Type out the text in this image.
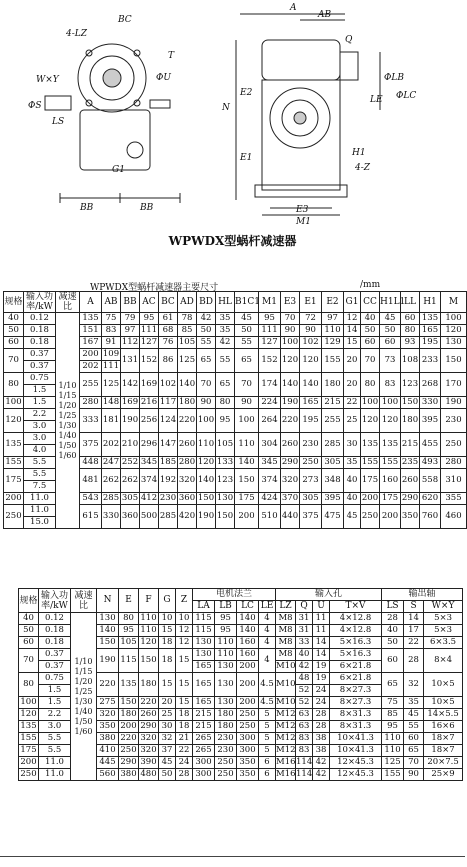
4-LZ
BC
T
ΦU
W×Y
ΦS
LS
G1
BB	BB
A
AB
Q
ΦLB
ΦLC
LE
N
E2
E1	H1
4-Z
E3
M1
WPWDX型蜗杆减速器
WPWDX型蜗杆减速器主要尺寸	/mm
规格	输入功率/kW	减速比	A	AB	BB	AC	BC	AD	BD	HL	B1C1	M1	E3	E1	E2	G1	CC	H1L1	LL	H1	M
40	0.12	1/10 1/15 1/20 1/25 1/30 1/40 1/50 1/60	135	75	79	95	61	78	42	35	45	95	70	72	97	12	40	45	60	135	100
50	0.18		151	83	97	111	68	85	50	35	50	111	90	90	110	14	50	50	80	165	120
60	0.18		167	91	112	127	76	105	55	42	55	127	100	102	129	15	60	60	93	195	130
70	0.37		200	109	131	152	86	125	65	55	65	152	120	120	155	20	70	73	108	233	150
	0.37		202	111																	
80	0.75		255	125	142	169	102	140	70	65	70	174	140	140	180	20	80	83	123	268	170
	1.5																				
100	1.5		280	148	169	216	117	180	90	80	90	224	190	165	215	22	100	100	150	330	190
120	2.2		333	181	190	256	124	220	100	95	100	264	220	195	255	25	120	120	180	395	230
	3.0																				
135	3.0		375	202	210	296	147	260	110	105	110	304	260	230	285	30	135	135	215	455	250
	4.0																				
155	5.5		448	247	252	345	185	280	120	133	140	345	290	250	305	35	155	155	235	493	280
175	5.5		481	262	262	374	192	320	140	123	150	374	320	273	348	40	175	160	260	558	310
	7.5																				
200	11.0		543	285	305	412	230	360	150	130	175	424	370	305	395	40	200	175	290	620	355
250	11.0		615	330	360	500	285	420	190	150	200	510	440	375	475	45	250	200	350	760	460
	15.0																				
规格	输入功率/kW	减速比	N	E	F	G	Z	电机法兰				输入孔				输出轴		
								LA	LB	LC	LE	LZ	Q	U	T×V	LS	S	W×Y
40	0.12	1/10 1/15 1/20 1/25 1/30 1/40 1/50 1/60	130	80	110	10	10	115	95	140	4	M8	31	11	4×12.8	28	14	5×3
50	0.18		140	95	110	15	12	115	95	140	4	M8	31	11	4×12.8	40	17	5×3
60	0.18		150	105	120	18	12	130	110	160	4	M8	33	14	5×16.3	50	22	6×3.5
70	0.37		190	115	150	18	15	130	110	160	4	M8	40	14	5×16.3	60	28	8×4
	0.37							165	130	200		M10	42	19	6×21.8			
80	0.75		220	135	180	15	15	165	130	200	4.5	M10	48	19	6×21.8	65	32	10×5
	1.5												52	24	8×27.3			
100	1.5		275	150	220	20	15	165	130	200	4.5	M10	52	24	8×27.3	75	35	10×5
120	2.2		320	180	260	25	18	215	180	250	5	M12	63	28	8×31.3	85	45	14×5.5
135	3.0		350	200	290	30	18	215	180	250	5	M12	63	28	8×31.3	95	55	16×6
155	5.5		380	220	320	32	21	265	230	300	5	M12	83	38	10×41.3	110	60	18×7
175	5.5		410	250	320	37	22	265	230	300	5	M12	83	38	10×41.3	110	65	18×7
200	11.0		445	290	390	45	24	300	250	350	6	M16	114	42	12×45.3	125	70	20×7.5
250	11.0		560	380	480	50	28	300	250	350	6	M16	114	42	12×45.3	155	90	25×9
